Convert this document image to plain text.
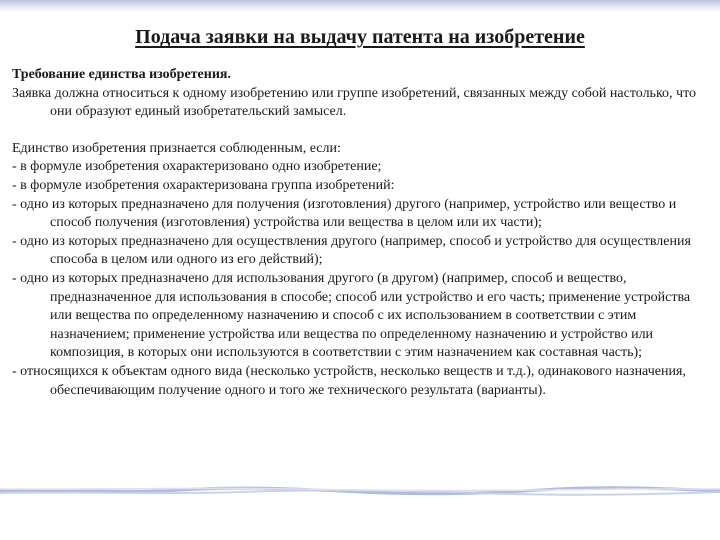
Подача заявки на выдачу патента на изобретение

Требование единства изобретения.

Заявка должна относиться к одному изобретению или группе изобретений, связанных между собой настолько, что они образуют единый изобретательский замысел.

Единство изобретения признается соблюденным, если:

- в формуле изобретения охарактеризовано одно изобретение;

- в формуле изобретения охарактеризована группа изобретений:

- одно из которых предназначено для получения (изготовления) другого (например, устройство или вещество и способ получения (изготовления) устройства или вещества в целом или их части);

- одно из которых предназначено для осуществления другого (например, способ и устройство для осуществления способа в целом или одного из его действий);

- одно из которых предназначено для использования другого (в другом) (например, способ и вещество, предназначенное для использования в способе; способ или устройство и его часть; применение устройства или вещества по определенному назначению и способ с их использованием в соответствии с этим назначением; применение устройства или вещества по определенному назначению и устройство или композиция, в которых они используются в соответствии с этим назначением как составная часть);

- относящихся к объектам одного вида (несколько устройств, несколько веществ и т.д.), одинакового назначения, обеспечивающим получение одного и того же технического результата (варианты).
